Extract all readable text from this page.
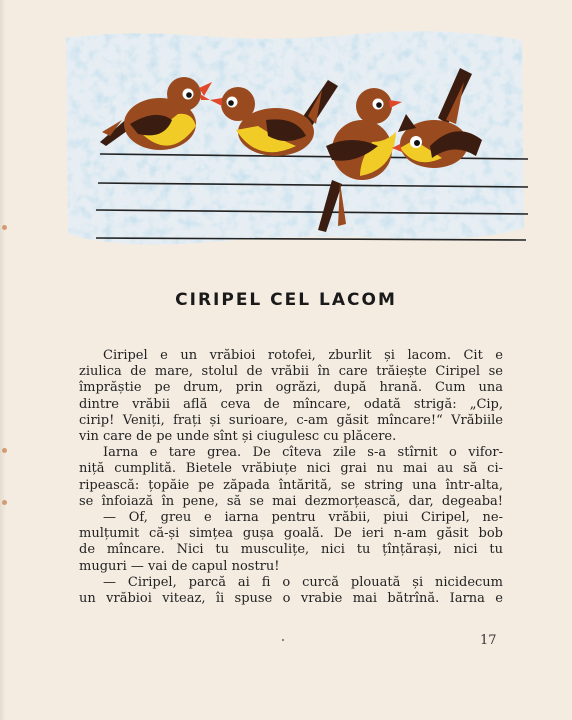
CIRIPEL CEL LACOM
Ciripel e un vrăbioi rotofei, zburlit și lacom. Cit e
ziulica de mare, stolul de vrăbii în care trăiește Ciripel se
împrăștie pe drum, prin ogrăzi, după hrană. Cum una
dintre vrăbii află ceva de mîncare, odată strigă: „Cip,
cirip! Veniți, frați și surioare, c-am găsit mîncare!“ Vrăbiile
vin care de pe unde sînt și ciugulesc cu plăcere.
Iarna e tare grea. De cîteva zile s-a stîrnit o vifor-
niță cumplită. Bietele vrăbiuțe nici grai nu mai au să ci-
ripească: țopăie pe zăpada întărită, se string una într-alta,
se înfoiază în pene, să se mai dezmorțească, dar, degeaba!
— Of, greu e iarna pentru vrăbii, piui Ciripel, ne-
mulțumit că-și simțea gușa goală. De ieri n-am găsit bob
de mîncare. Nici tu musculițe, nici tu țînțărași, nici tu
muguri — vai de capul nostru!
— Ciripel, parcă ai fi o curcă plouată și nicidecum
un vrăbioi viteaz, îi spuse o vrabie mai bătrînă. Iarna e
17
